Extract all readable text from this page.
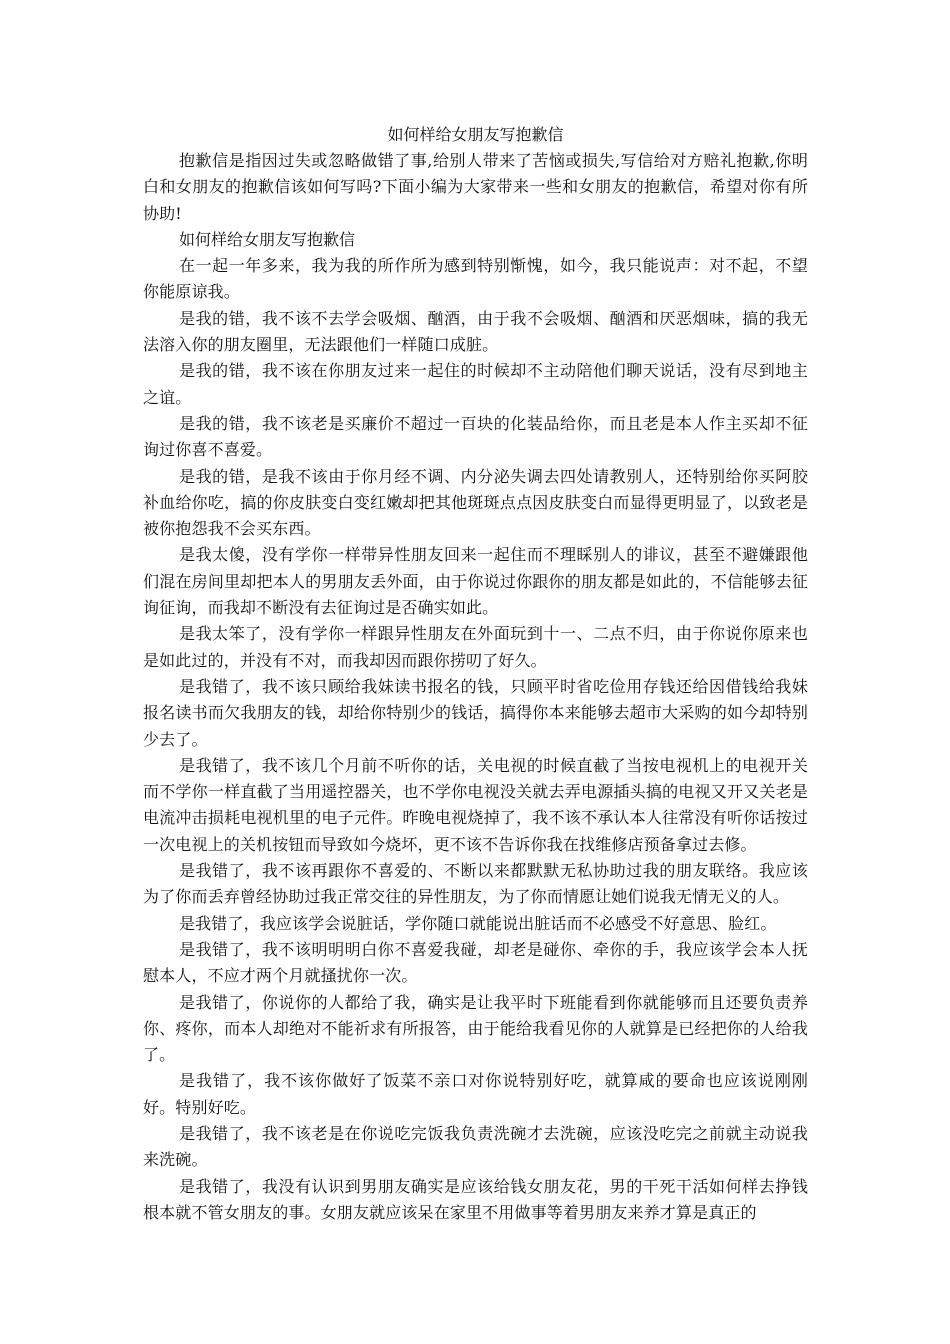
如何样给女朋友写抱歉信

抱歉信是指因过失或忽略做错了事,给别人带来了苦恼或损失,写信给对方赔礼抱歉,你明白和女朋友的抱歉信该如何写吗?下面小编为大家带来一些和女朋友的抱歉信，希望对你有所协助!

如何样给女朋友写抱歉信

在一起一年多来，我为我的所作所为感到特别惭愧，如今，我只能说声：对不起，不望你能原谅我。

是我的错，我不该不去学会吸烟、酗酒，由于我不会吸烟、酗酒和厌恶烟味，搞的我无法溶入你的朋友圈里，无法跟他们一样随口成脏。

是我的错，我不该在你朋友过来一起住的时候却不主动陪他们聊天说话，没有尽到地主之谊。

是我的错，我不该老是买廉价不超过一百块的化装品给你，而且老是本人作主买却不征询过你喜不喜爱。

是我的错，是我不该由于你月经不调、内分泌失调去四处请教别人，还特别给你买阿胶补血给你吃，搞的你皮肤变白变红嫩却把其他斑斑点点因皮肤变白而显得更明显了，以致老是被你抱怨我不会买东西。

是我太傻，没有学你一样带异性朋友回来一起住而不理睬别人的诽议，甚至不避嫌跟他们混在房间里却把本人的男朋友丢外面，由于你说过你跟你的朋友都是如此的，不信能够去征询征询，而我却不断没有去征询过是否确实如此。

是我太笨了，没有学你一样跟异性朋友在外面玩到十一、二点不归，由于你说你原来也是如此过的，并没有不对，而我却因而跟你捞叨了好久。

是我错了，我不该只顾给我妹读书报名的钱，只顾平时省吃俭用存钱还给因借钱给我妹报名读书而欠我朋友的钱，却给你特别少的钱话，搞得你本来能够去超市大采购的如今却特别少去了。

是我错了，我不该几个月前不听你的话，关电视的时候直截了当按电视机上的电视开关而不学你一样直截了当用遥控器关，也不学你电视没关就去弄电源插头搞的电视又开又关老是电流冲击损耗电视机里的电子元件。昨晚电视烧掉了，我不该不承认本人往常没有听你话按过一次电视上的关机按钮而导致如今烧坏，更不该不告诉你我在找维修店预备拿过去修。

是我错了，我不该再跟你不喜爱的、不断以来都默默无私协助过我的朋友联络。我应该为了你而丢弃曾经协助过我正常交往的异性朋友，为了你而情愿让她们说我无情无义的人。

是我错了，我应该学会说脏话，学你随口就能说出脏话而不必感受不好意思、脸红。

是我错了，我不该明明明白你不喜爱我碰，却老是碰你、牵你的手，我应该学会本人抚慰本人，不应才两个月就搔扰你一次。

是我错了，你说你的人都给了我，确实是让我平时下班能看到你就能够而且还要负责养你、疼你，而本人却绝对不能祈求有所报答，由于能给我看见你的人就算是已经把你的人给我了。

是我错了，我不该你做好了饭菜不亲口对你说特别好吃，就算咸的要命也应该说刚刚好。特别好吃。

是我错了，我不该老是在你说吃完饭我负责洗碗才去洗碗，应该没吃完之前就主动说我来洗碗。

是我错了，我没有认识到男朋友确实是应该给钱女朋友花，男的干死干活如何样去挣钱根本就不管女朋友的事。女朋友就应该呆在家里不用做事等着男朋友来养才算是真正的
